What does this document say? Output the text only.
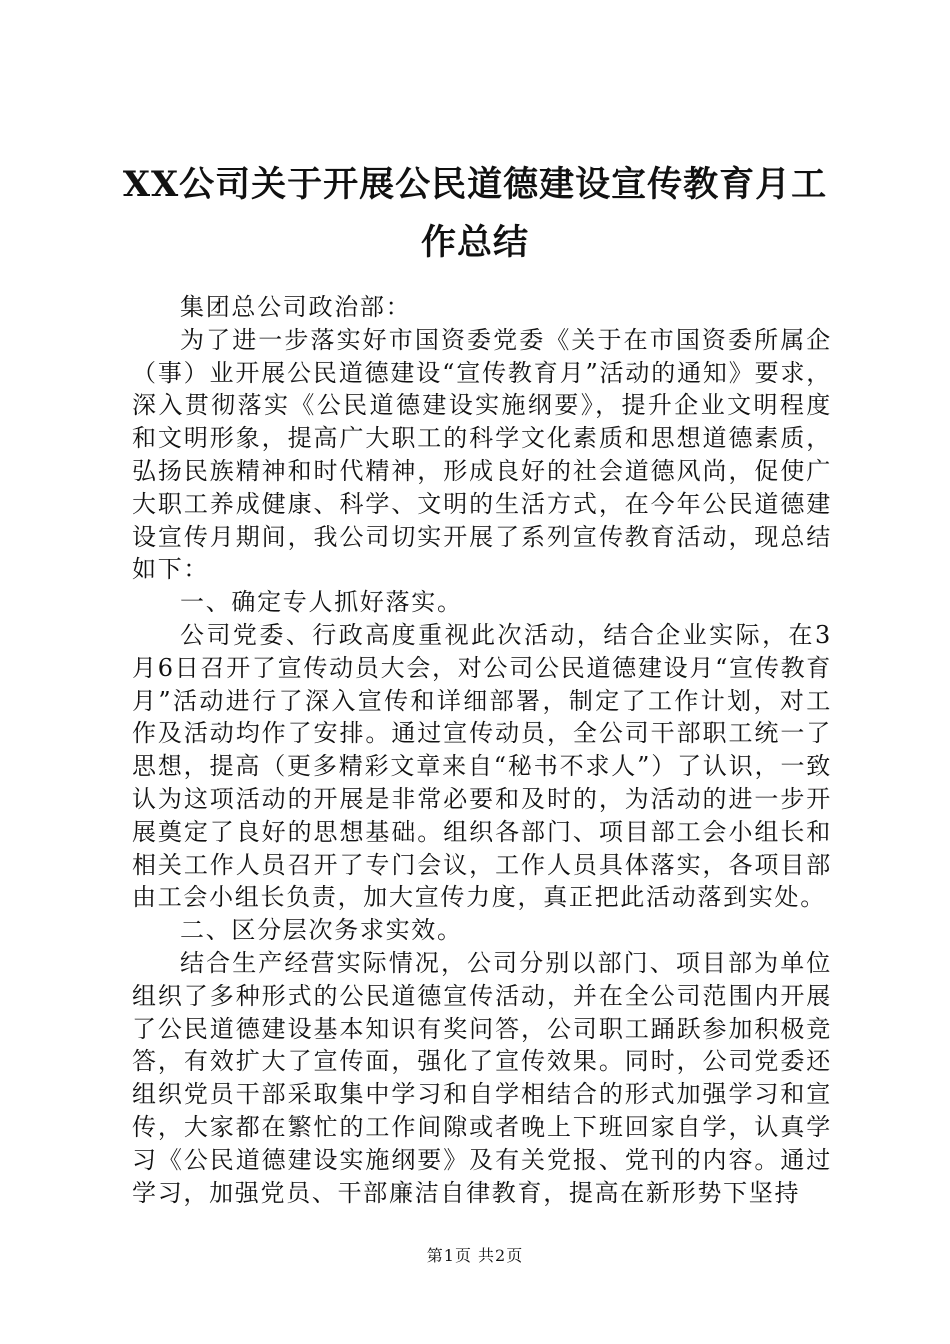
XX公司关于开展公民道德建设宣传教育月工
作总结

集团总公司政治部：

为了进一步落实好市国资委党委《关于在市国资委所属企（事）业开展公民道德建设“宣传教育月”活动的通知》要求，深入贯彻落实《公民道德建设实施纲要》，提升企业文明程度和文明形象，提高广大职工的科学文化素质和思想道德素质，弘扬民族精神和时代精神，形成良好的社会道德风尚，促使广大职工养成健康、科学、文明的生活方式，在今年公民道德建设宣传月期间，我公司切实开展了系列宣传教育活动，现总结如下：

一、确定专人抓好落实。

公司党委、行政高度重视此次活动，结合企业实际，在3月6日召开了宣传动员大会，对公司公民道德建设月“宣传教育月”活动进行了深入宣传和详细部署，制定了工作计划，对工作及活动均作了安排。通过宣传动员，全公司干部职工统一了思想，提高（更多精彩文章来自“秘书不求人”）了认识，一致认为这项活动的开展是非常必要和及时的，为活动的进一步开展奠定了良好的思想基础。组织各部门、项目部工会小组长和相关工作人员召开了专门会议，工作人员具体落实，各项目部由工会小组长负责，加大宣传力度，真正把此活动落到实处。

二、区分层次务求实效。

结合生产经营实际情况，公司分别以部门、项目部为单位组织了多种形式的公民道德宣传活动，并在全公司范围内开展了公民道德建设基本知识有奖问答，公司职工踊跃参加积极竞答，有效扩大了宣传面，强化了宣传效果。同时，公司党委还组织党员干部采取集中学习和自学相结合的形式加强学习和宣传，大家都在繁忙的工作间隙或者晚上下班回家自学，认真学习《公民道德建设实施纲要》及有关党报、党刊的内容。通过学习，加强党员、干部廉洁自律教育，提高在新形势下坚持

第1页 共2页
